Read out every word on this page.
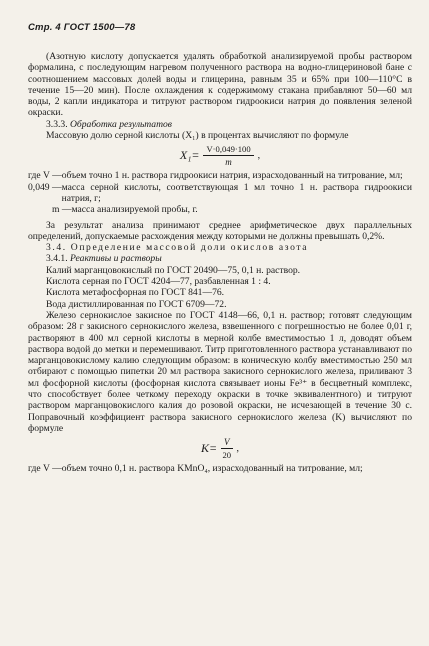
Стр. 4 ГОСТ 1500—78

(Азотную кислоту допускается удалять обработкой анализируемой пробы раствором формалина, с последующим нагревом полученного раствора на водно-глицериновой бане с соотношением массовых долей воды и глицерина, равным 35 и 65% при 100—110°С в течение 15—20 мин). После охлаждения к содержимому стакана прибавляют 50—60 мл воды, 2 капли индикатора и титруют раствором гидроокиси натрия до появления зеленой окраски.

3.3.3. Обработка результатов

Массовую долю серной кислоты (X₁) в процентах вычисляют по формуле

$X_1= \frac{V\cdot 0,049\cdot 100}{m}$ ,
где V — объем точно 1 н. раствора гидроокиси натрия, израсходованный на титрование, мл;
0,049 — масса серной кислоты, соответствующая 1 мл точно 1 н. раствора гидроокиси натрия, г;
m — масса анализируемой пробы, г.

За результат анализа принимают среднее арифметическое двух параллельных определений, допускаемые расхождения между которыми не должны превышать 0,2%.

3.4. Определение массовой доли окислов азота

3.4.1. Реактивы и растворы

Калий марганцовокислый по ГОСТ 20490—75, 0,1 н. раствор.

Кислота серная по ГОСТ 4204—77, разбавленная 1 : 4.

Кислота метафосфорная по ГОСТ 841—76.

Вода дистиллированная по ГОСТ 6709—72.

Железо сернокислое закисное по ГОСТ 4148—66, 0,1 н. раствор; готовят следующим образом: 28 г закисного сернокислого железа, взвешенного с погрешностью не более 0,01 г, растворяют в 400 мл серной кислоты в мерной колбе вместимостью 1 л, доводят объем раствора водой до метки и перемешивают. Титр приготовленного раствора устанавливают по марганцовокислому калию следующим образом: в коническую колбу вместимостью 250 мл отбирают с помощью пипетки 20 мл раствора закисного сернокислого железа, приливают 3 мл фосфорной кислоты (фосфорная кислота связывает ионы Fe³⁺ в бесцветный комплекс, что способствует более четкому переходу окраски в точке эквивалентного) и титруют раствором марганцовокислого калия до розовой окраски, не исчезающей в течение 30 с. Поправочный коэффициент раствора закисного сернокислого железа (K) вычисляют по формуле

$K= \frac{V}{20}$ ,
где V — объем точно 0,1 н. раствора KMnO₄, израсходованный на титрование, мл;
